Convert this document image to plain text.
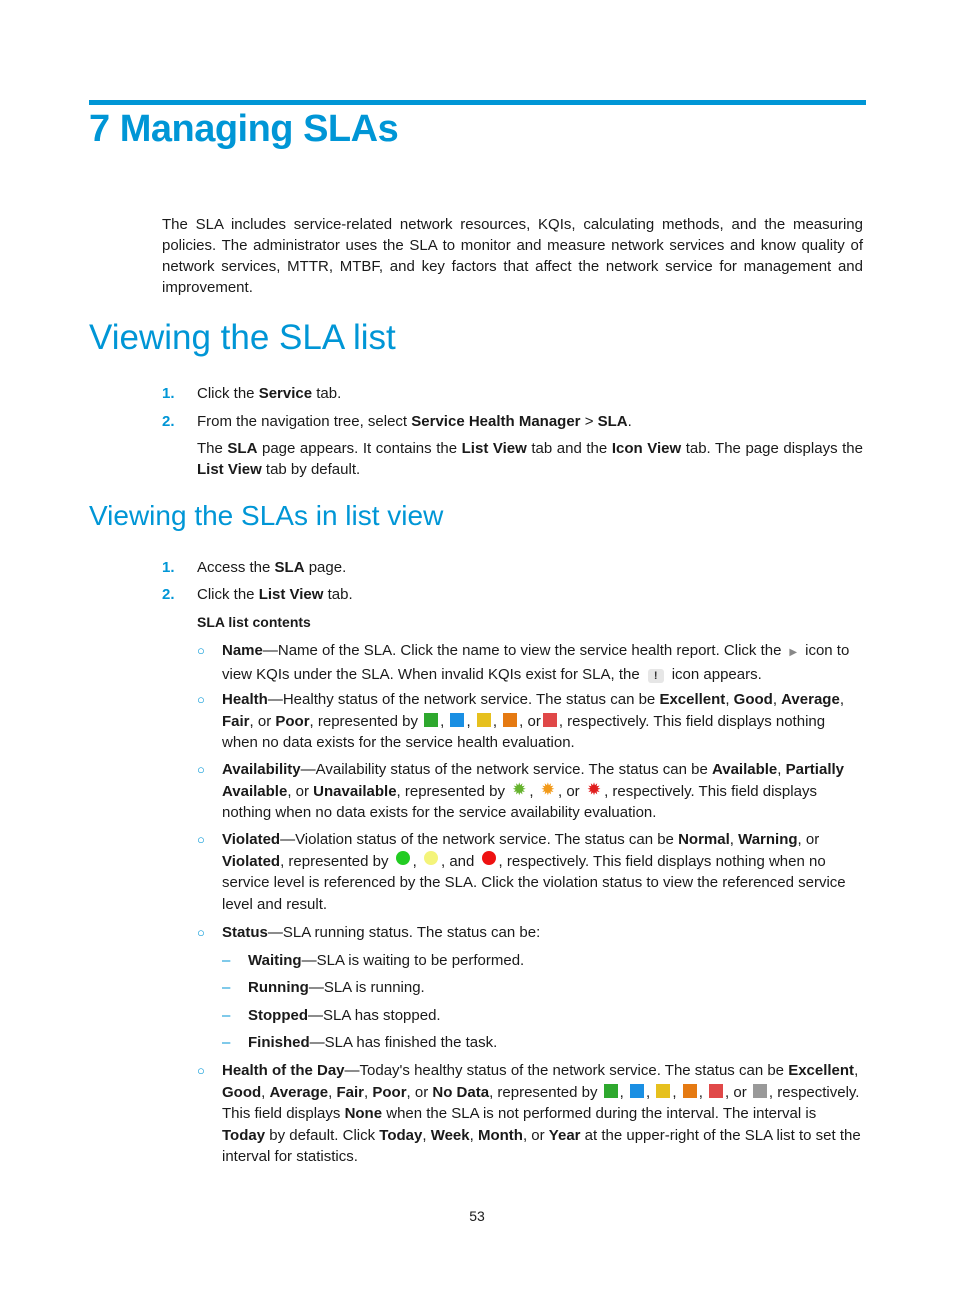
7 Managing SLAs

The SLA includes service-related network resources, KQIs, calculating methods, and the measuring policies. The administrator uses the SLA to monitor and measure network services and know quality of network services, MTTR, MTBF, and key factors that affect the network service for management and improvement.

Viewing the SLA list
1. Click the Service tab.
2. From the navigation tree, select Service Health Manager > SLA.
The SLA page appears. It contains the List View tab and the Icon View tab. The page displays the List View tab by default.
Viewing the SLAs in list view
1. Access the SLA page.
2. Click the List View tab.
SLA list contents
○ Name—Name of the SLA. Click the name to view the service health report. Click the ▶ icon to view KQIs under the SLA. When invalid KQIs exist for SLA, the ! icon appears.
○ Health—Healthy status of the network service. The status can be Excellent, Good, Average, Fair, or Poor, represented by , , , , or , respectively. This field displays nothing when no data exists for the service health evaluation.
○ Availability—Availability status of the network service. The status can be Available, Partially Available, or Unavailable, represented by ✹ , ✹ , or ✹ , respectively. This field displays nothing when no data exists for the service availability evaluation.
○ Violated—Violation status of the network service. The status can be Normal, Warning, or Violated, represented by , , and , respectively. This field displays nothing when no service level is referenced by the SLA. Click the violation status to view the referenced service level and result.
○ Status—SLA running status. The status can be:
– Waiting—SLA is waiting to be performed.
– Running—SLA is running.
– Stopped—SLA has stopped.
– Finished—SLA has finished the task.
○ Health of the Day—Today's healthy status of the network service. The status can be Excellent, Good, Average, Fair, Poor, or No Data, represented by , , , , , or , respectively. This field displays None when the SLA is not performed during the interval. The interval is Today by default. Click Today, Week, Month, or Year at the upper-right of the SLA list to set the interval for statistics.
53
